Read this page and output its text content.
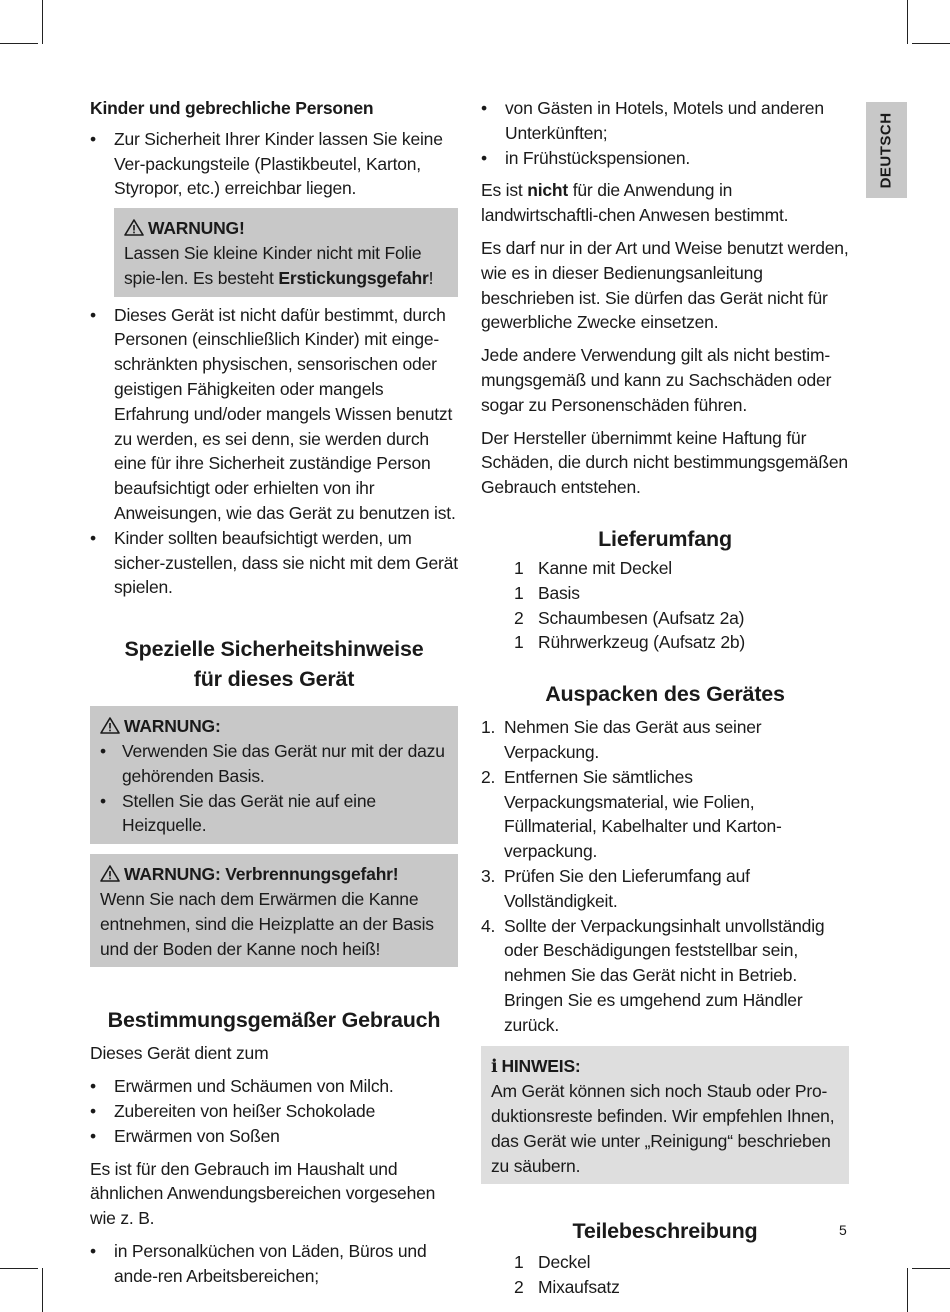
DEUTSCH
Kinder und gebrechliche Personen
• Zur Sicherheit Ihrer Kinder lassen Sie keine Ver-packungsteile (Plastikbeutel, Karton, Styropor, etc.) erreichbar liegen.
WARNUNG!

Lassen Sie kleine Kinder nicht mit Folie spie-len. Es besteht Erstickungsgefahr!

• Dieses Gerät ist nicht dafür bestimmt, durch Personen (einschließlich Kinder) mit einge-schränkten physischen, sensorischen oder geistigen Fähigkeiten oder mangels Erfahrung und/oder mangels Wissen benutzt zu werden, es sei denn, sie werden durch eine für ihre Sicherheit zuständige Person beaufsichtigt oder erhielten von ihr Anweisungen, wie das Gerät zu benutzen ist.
• Kinder sollten beaufsichtigt werden, um sicher-zustellen, dass sie nicht mit dem Gerät spielen.
Spezielle Sicherheitshinweise
für dieses Gerät
WARNUNG:
• Verwenden Sie das Gerät nur mit der dazu gehörenden Basis.
• Stellen Sie das Gerät nie auf eine Heizquelle.
WARNUNG: Verbrennungsgefahr!

Wenn Sie nach dem Erwärmen die Kanne entnehmen, sind die Heizplatte an der Basis und der Boden der Kanne noch heiß!

Bestimmungsgemäßer Gebrauch

Dieses Gerät dient zum

• Erwärmen und Schäumen von Milch.
• Zubereiten von heißer Schokolade
• Erwärmen von Soßen

Es ist für den Gebrauch im Haushalt und ähnlichen Anwendungsbereichen vorgesehen wie z. B.

• in Personalküchen von Läden, Büros und ande-ren Arbeitsbereichen;
• von Gästen in Hotels, Motels und anderen Unterkünften;
• in Frühstückspensionen.

Es ist nicht für die Anwendung in landwirtschaftli-chen Anwesen bestimmt.

Es darf nur in der Art und Weise benutzt werden, wie es in dieser Bedienungsanleitung beschrieben ist. Sie dürfen das Gerät nicht für gewerbliche Zwecke einsetzen.

Jede andere Verwendung gilt als nicht bestim-mungsgemäß und kann zu Sachschäden oder sogar zu Personenschäden führen.

Der Hersteller übernimmt keine Haftung für Schäden, die durch nicht bestimmungsgemäßen Gebrauch entstehen.

Lieferumfang
1 Kanne mit Deckel
1 Basis
2 Schaumbesen (Aufsatz 2a)
1 Rührwerkzeug (Aufsatz 2b)
Auspacken des Gerätes
1. Nehmen Sie das Gerät aus seiner Verpackung.
2. Entfernen Sie sämtliches Verpackungsmaterial, wie Folien, Füllmaterial, Kabelhalter und Karton-verpackung.
3. Prüfen Sie den Lieferumfang auf Vollständigkeit.
4. Sollte der Verpackungsinhalt unvollständig oder Beschädigungen feststellbar sein, nehmen Sie das Gerät nicht in Betrieb. Bringen Sie es umgehend zum Händler zurück.
i HINWEIS:

Am Gerät können sich noch Staub oder Pro-duktionsreste befinden. Wir empfehlen Ihnen, das Gerät wie unter „Reinigung“ beschrieben zu säubern.

Teilebeschreibung
1 Deckel
2 Mixaufsatz
5
